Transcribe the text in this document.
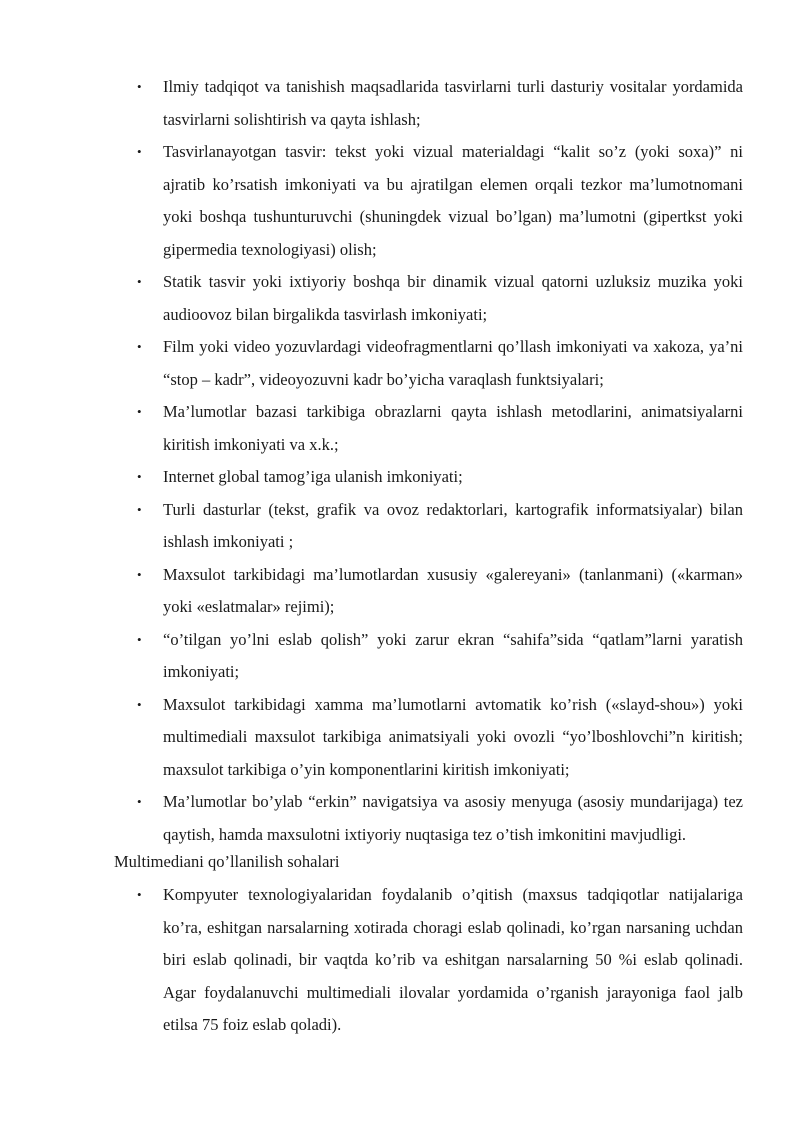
• Ilmiy tadqiqot va tanishish maqsadlarida tasvirlarni turli dasturiy vositalar yordamida tasvirlarni solishtirish va qayta ishlash;
• Tasvirlanayotgan tasvir: tekst yoki vizual materialdagi “kalit so’z (yoki soxa)” ni ajratib ko’rsatish imkoniyati va bu ajratilgan elemen orqali tezkor ma’lumotnomani yoki boshqa tushunturuvchi (shuningdek vizual bo’lgan) ma’lumotni (gipertkst yoki gipermedia texnologiyasi) olish;
• Statik tasvir yoki ixtiyoriy boshqa bir dinamik vizual qatorni uzluksiz muzika yoki audioovoz bilan birgalikda tasvirlash imkoniyati;
• Film yoki video yozuvlardagi videofragmentlarni qo’llash imkoniyati va xakoza, ya’ni “stop – kadr”, videoyozuvni kadr bo’yicha varaqlash funktsiyalari;
• Ma’lumotlar bazasi tarkibiga obrazlarni qayta ishlash metodlarini, animatsiyalarni kiritish imkoniyati va x.k.;
• Internet global tamog’iga ulanish imkoniyati;
• Turli dasturlar (tekst, grafik va ovoz redaktorlari, kartografik informatsiyalar) bilan ishlash imkoniyati ;
• Maxsulot tarkibidagi ma’lumotlardan xususiy «galereyani» (tanlanmani) («karman» yoki «eslatmalar» rejimi);
• “o’tilgan yo’lni eslab qolish” yoki zarur ekran “sahifa”sida “qatlam”larni yaratish imkoniyati;
• Maxsulot tarkibidagi xamma ma’lumotlarni avtomatik ko’rish («slayd-shou») yoki multimediali maxsulot tarkibiga animatsiyali yoki ovozli “yo’lboshlovchi”n kiritish; maxsulot tarkibiga o’yin komponentlarini kiritish imkoniyati;
• Ma’lumotlar bo’ylab “erkin” navigatsiya va asosiy menyuga (asosiy mundarijaga) tez qaytish, hamda maxsulotni ixtiyoriy nuqtasiga tez o’tish imkonitini mavjudligi.
Multimediani qo’llanilish sohalari
• Kompyuter texnologiyalaridan foydalanib o’qitish (maxsus tadqiqotlar natijalariga ko’ra, eshitgan narsalarning xotirada choragi eslab qolinadi, ko’rgan narsaning uchdan biri eslab qolinadi, bir vaqtda ko’rib va eshitgan narsalarning 50 %i eslab qolinadi. Agar foydalanuvchi multimediali ilovalar yordamida o’rganish jarayoniga faol jalb etilsa 75 foiz eslab qoladi).
